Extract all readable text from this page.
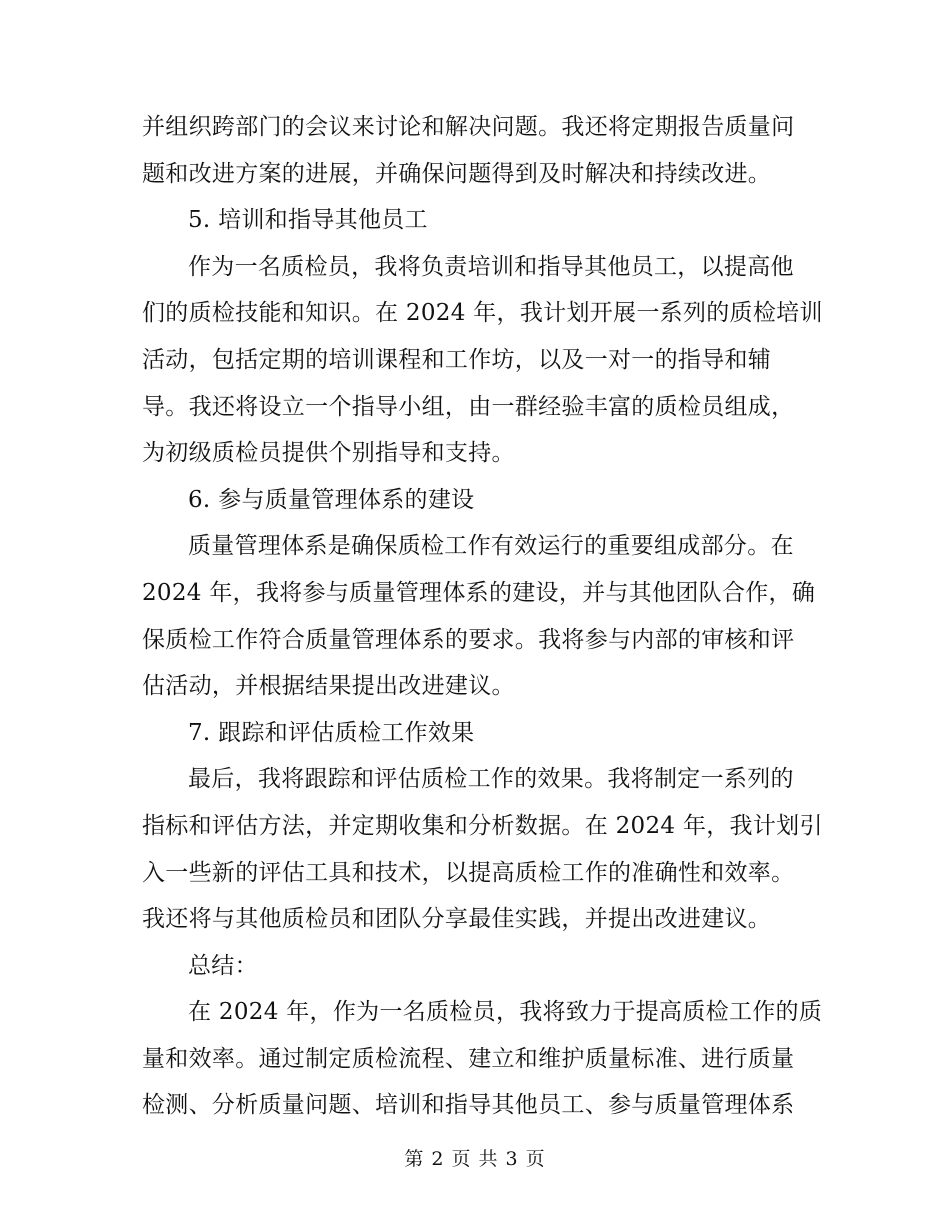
并组织跨部门的会议来讨论和解决问题。我还将定期报告质量问
题和改进方案的进展，并确保问题得到及时解决和持续改进。
5. 培训和指导其他员工
作为一名质检员，我将负责培训和指导其他员工，以提高他
们的质检技能和知识。在 2024 年，我计划开展一系列的质检培训
活动，包括定期的培训课程和工作坊，以及一对一的指导和辅
导。我还将设立一个指导小组，由一群经验丰富的质检员组成，
为初级质检员提供个别指导和支持。
6. 参与质量管理体系的建设
质量管理体系是确保质检工作有效运行的重要组成部分。在
2024 年，我将参与质量管理体系的建设，并与其他团队合作，确
保质检工作符合质量管理体系的要求。我将参与内部的审核和评
估活动，并根据结果提出改进建议。
7. 跟踪和评估质检工作效果
最后，我将跟踪和评估质检工作的效果。我将制定一系列的
指标和评估方法，并定期收集和分析数据。在 2024 年，我计划引
入一些新的评估工具和技术，以提高质检工作的准确性和效率。
我还将与其他质检员和团队分享最佳实践，并提出改进建议。
总结：
在 2024 年，作为一名质检员，我将致力于提高质检工作的质
量和效率。通过制定质检流程、建立和维护质量标准、进行质量
检测、分析质量问题、培训和指导其他员工、参与质量管理体系
第 2 页 共 3 页
